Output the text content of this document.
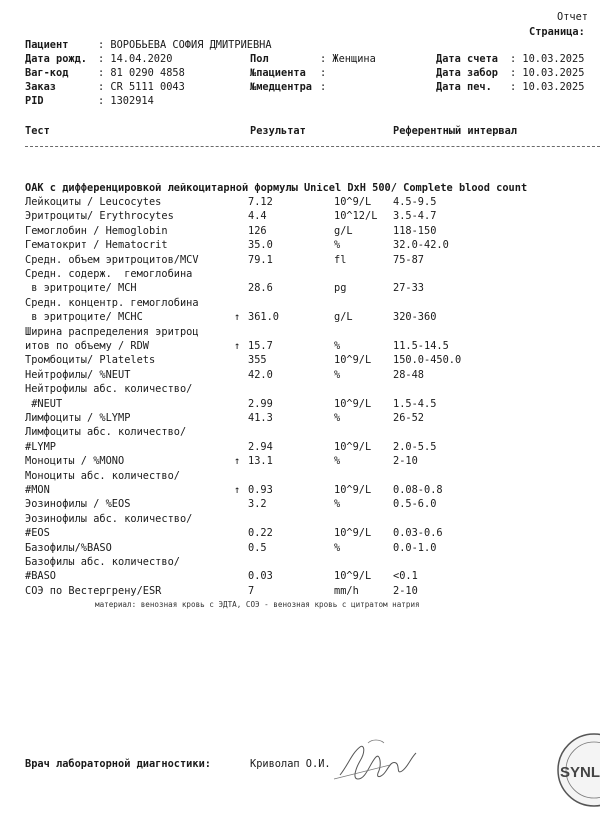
Отчет
Страница:
Пациент	: ВОРОБЬЕВА СОФИЯ ДМИТРИЕВНА
Дата рожд. : 14.04.2020	Пол	: Женщина	Дата счета : 10.03.2025
Ваг-код	: 81 0290 4858	№пациента :	Дата забор : 10.03.2025
Заказ	: CR 5111 0043	№медцентра :	Дата печ. : 10.03.2025
PID	: 1302914
Тест	Результат	Референтный интервал
ОАК с дифференцировкой лейкоцитарной формулы Unicel DxH 500/ Complete blood count
Лейкоциты / Leucocytes	7.12	10^9/L 4.5-9.5
Эритроциты/ Erythrocytes	4.4	10^12/L 3.5-4.7
Гемоглобин / Hemoglobin	126	g/L	118-150
Гематокрит / Hematocrit	35.0	%	32.0-42.0
Средн. объем эритроцитов/MCV	79.1	fl	75-87
Средн. содерж.  гемоглобина
в эритроците/ MCH	28.6	pg	27-33
Средн. концентр. гемоглобина
в эритроците/ MCHC	↑ 361.0	g/L	320-360
Ширина распределения эритроц
итов по объему / RDW	↑ 15.7	%	11.5-14.5
Тромбоциты/ Platelets	355	10^9/L 150.0-450.0
Нейтрофилы/ %NEUT	42.0	%	28-48
Нейтрофилы абс. количество/
#NEUT	2.99	10^9/L 1.5-4.5
Лимфоциты / %LYMP	41.3	%	26-52
Лимфоциты абс. количество/
#LYMP	2.94	10^9/L 2.0-5.5
Моноциты / %MONO	↑ 13.1	%	2-10
Моноциты абс. количество/
#MON	↑ 0.93	10^9/L 0.08-0.8
Эозинофилы / %EOS	3.2	%	0.5-6.0
Эозинофилы абс. количество/
#EOS	0.22	10^9/L 0.03-0.6
Базофилы/%BASO	0.5	%	0.0-1.0
Базофилы абс. количество/
#BASO	0.03	10^9/L <0.1
СОЭ по Вестергрену/ESR	7	mm/h	2-10
материал: венозная кровь с ЭДТА, СОЭ - венозная кровь с цитратом натрия
Врач лабораторной диагностики:	Криволап О.И.	SYNL
